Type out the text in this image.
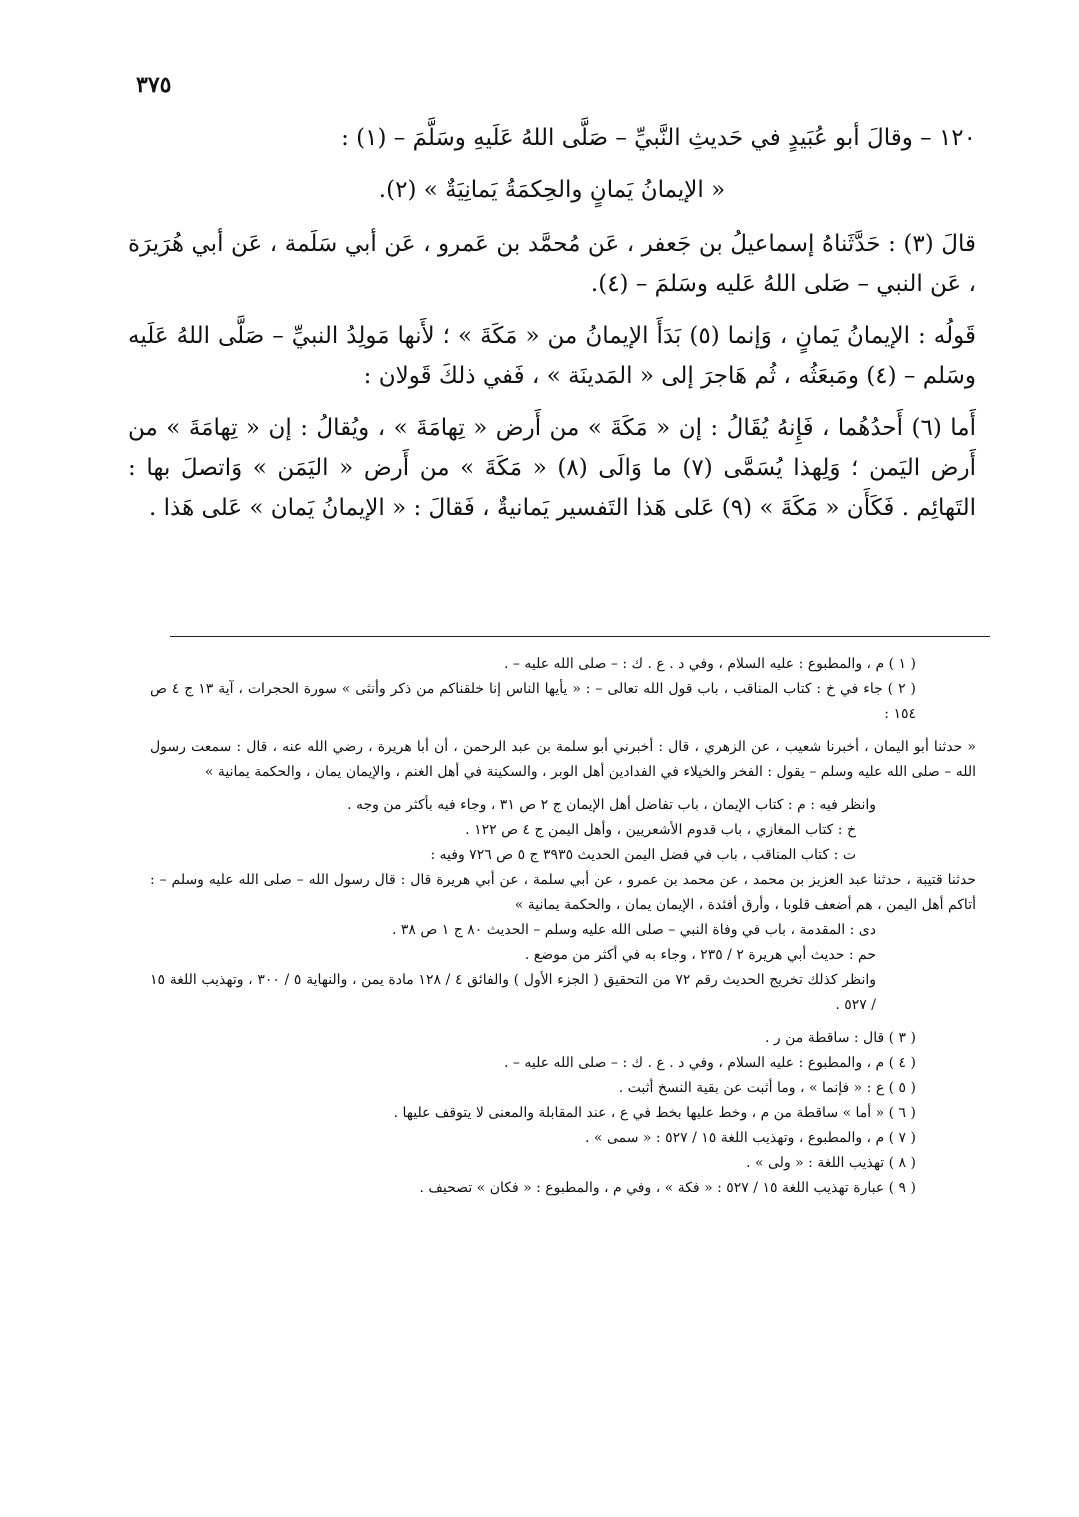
٣٧٥

١٢٠ – وقالَ أبو عُبَيدٍ في حَديثِ النَّبيِّ – صَلَّى اللهُ عَلَيهِ وسَلَّمَ – (١) :

« الإيمانُ يَمانٍ والحِكمَةُ يَمانِيَةٌ » (٢).

قالَ (٣) : حَدَّثَناهُ إسماعيلُ بن جَعفر ، عَن مُحمَّد بن عَمرو ، عَن أبي سَلَمة ، عَن أبي هُرَيرَة ، عَن النبي – صَلى اللهُ عَليه وسَلمَ – (٤).

قَولُه : الإيمانُ يَمانٍ ، وَإنما (٥) بَدَأَ الإيمانُ من « مَكَةَ » ؛ لأَنها مَولِدُ النبيِّ – صَلَّى اللهُ عَلَيه وسَلم – (٤) ومَبعَثُه ، ثُم هَاجرَ إلى « المَدينَة » ، فَفي ذلكَ قَولان :

أَما (٦) أَحدُهُما ، فَإِنهُ يُقَالُ : إن « مَكَةَ » من أَرض « تِهامَةَ » ، ويُقالُ : إن « تِهامَةَ » من أَرض اليَمن ؛ وَلِهذا يُسَمَّى (٧) ما وَالَى (٨) « مَكَةَ » من أَرض « اليَمَن » وَاتصلَ بها : التَهائِم . فَكَأَن « مَكَةَ » (٩) عَلى هَذا التَفسير يَمانيةٌ ، فَقالَ : « الإيمانُ يَمان » عَلى هَذا .

( ١ ) م ، والمطبوع : عليه السلام ، وفي د . ع . ك : – صلى الله عليه – .

( ٢ ) جاء في خ : كتاب المناقب ، باب قول الله تعالى – : « يأيها الناس إنا خلقناكم من ذكر وأنثى » سورة الحجرات ، آية ١٣ ج ٤ ص ١٥٤ :

« حدثنا أبو اليمان ، أخبرنا شعيب ، عن الزهري ، قال : أخبرني أبو سلمة بن عبد الرحمن ، أن أبا هريرة ، رضي الله عنه ، قال : سمعت رسول الله – صلى الله عليه وسلم – يقول : الفخر والخيلاء في الفدادين أهل الوبر ، والسكينة في أهل الغنم ، والإيمان يمان ، والحكمة يمانية »

وانظر فيه : م : كتاب الإيمان ، باب تفاضل أهل الإيمان ج ٢ ص ٣١ ، وجاء فيه بأكثر من وجه .

خ : كتاب المغازي ، باب قدوم الأشعريين ، وأهل اليمن ج ٤ ص ١٢٢ .

ت : كتاب المناقب ، باب في فضل اليمن الحديث ٣٩٣٥ ج ٥ ص ٧٢٦ وفيه :

حدثنا قتيبة ، حدثنا عبد العزيز بن محمد ، عن محمد بن عمرو ، عن أبي سلمة ، عن أبي هريرة قال : قال رسول الله – صلى الله عليه وسلم – : أتاكم أهل اليمن ، هم أضعف قلوبا ، وأرق أفئدة ، الإيمان يمان ، والحكمة يمانية »

دى : المقدمة ، باب في وفاة النبي – صلى الله عليه وسلم – الحديث ٨٠ ج ١ ص ٣٨ .

حم : حديث أبي هريرة ٢ / ٢٣٥ ، وجاء به في أكثر من موضع .

وانظر كذلك تخريج الحديث رقم ٧٢ من التحقيق ( الجزء الأول ) والفائق ٤ / ١٢٨ مادة يمن ، والنهاية ٥ / ٣٠٠ ، وتهذيب اللغة ١٥ / ٥٢٧ .

( ٣ ) قال : ساقطة من ر .

( ٤ ) م ، والمطبوع : عليه السلام ، وفي د . ع . ك : – صلى الله عليه – .

( ٥ ) ع : « فإنما » ، وما أثبت عن بقية النسخ أثبت .

( ٦ ) « أما » ساقطة من م ، وخط عليها بخط في ع ، عند المقابلة والمعنى لا يتوقف عليها .

( ٧ ) م ، والمطبوع ، وتهذيب اللغة ١٥ / ٥٢٧ : « سمى » .

( ٨ ) تهذيب اللغة : « ولى » .

( ٩ ) عبارة تهذيب اللغة ١٥ / ٥٢٧ : « فكة » ، وفي م ، والمطبوع : « فكان » تصحيف .
